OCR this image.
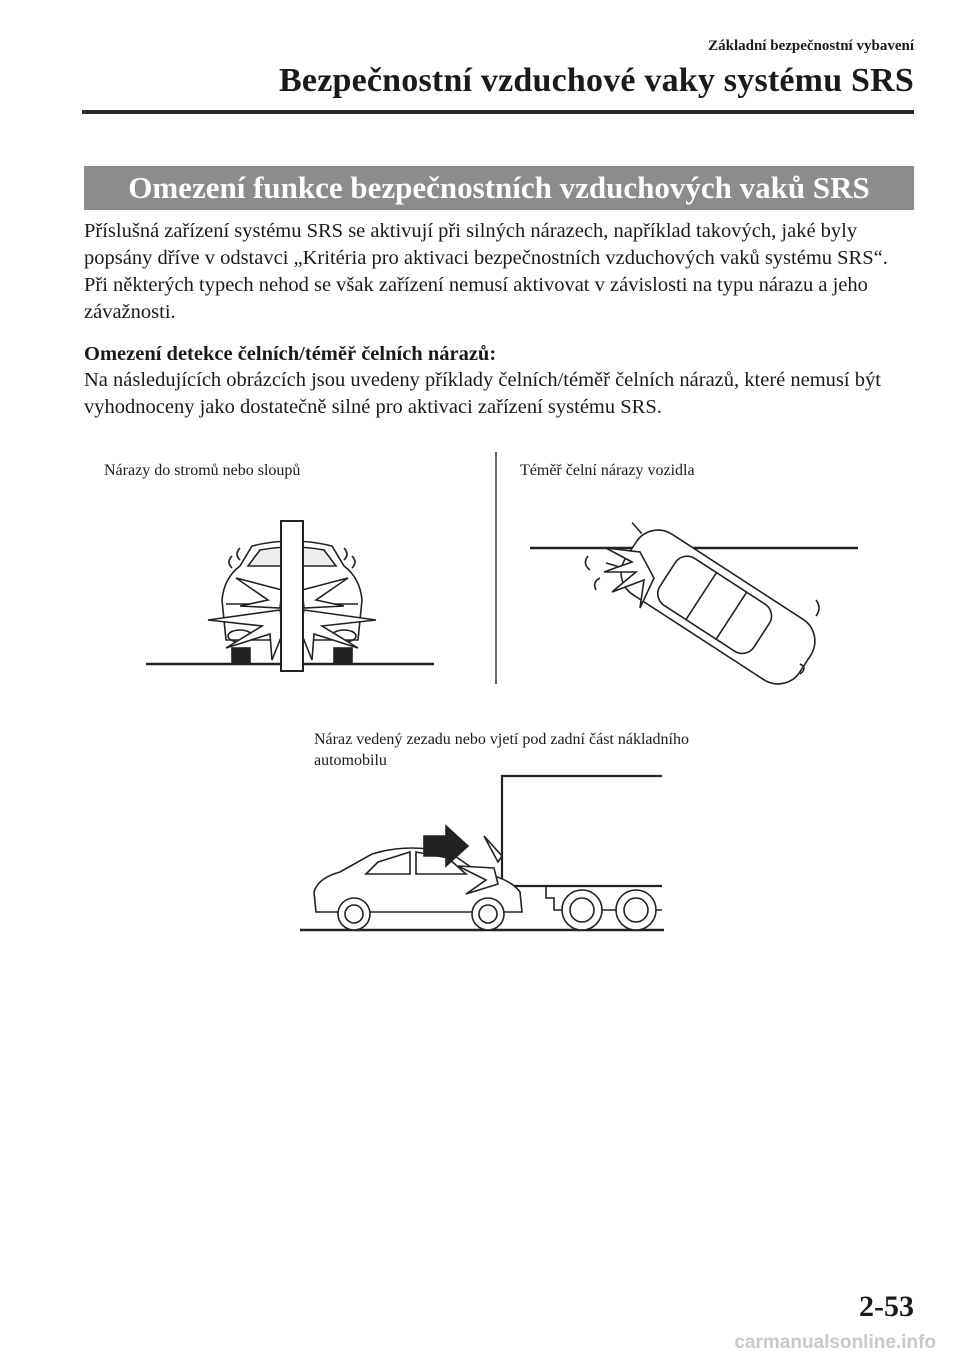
Základní bezpečnostní vybavení
Bezpečnostní vzduchové vaky systému SRS
Omezení funkce bezpečnostních vzduchových vaků SRS
Příslušná zařízení systému SRS se aktivují při silných nárazech, například takových, jaké byly popsány dříve v odstavci „Kritéria pro aktivaci bezpečnostních vzduchových vaků systému SRS“. Při některých typech nehod se však zařízení nemusí aktivovat v závislosti na typu nárazu a jeho závažnosti.
Omezení detekce čelních/téměř čelních nárazů:
Na následujících obrázcích jsou uvedeny příklady čelních/téměř čelních nárazů, které nemusí být vyhodnoceny jako dostatečně silné pro aktivaci zařízení systému SRS.
Nárazy do stromů nebo sloupů	Téměř čelní nárazy vozidla
Náraz vedený zezadu nebo vjetí pod zadní část nákladního automobilu
2-53
carmanualsonline.info
